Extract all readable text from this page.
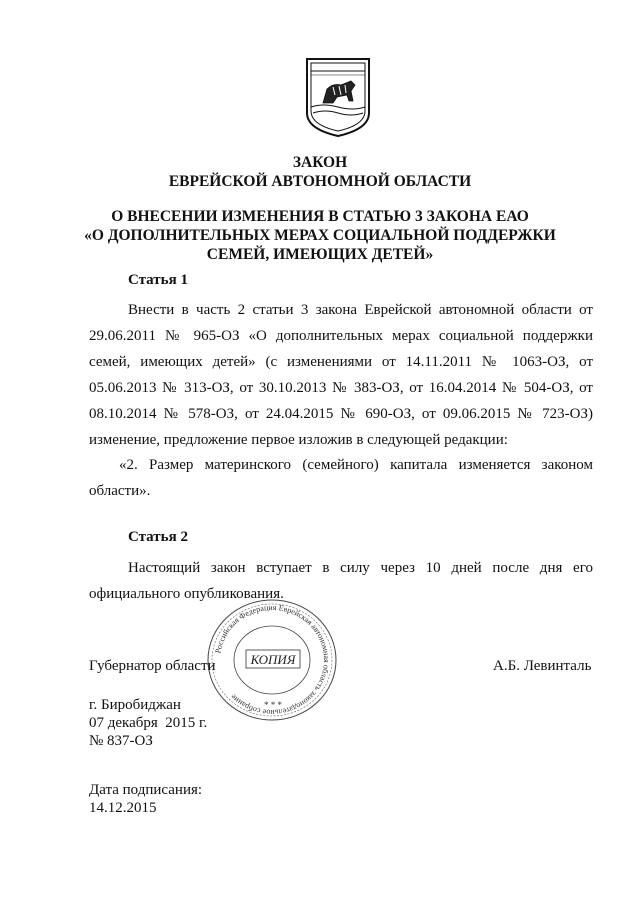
ЗАКОН
ЕВРЕЙСКОЙ АВТОНОМНОЙ ОБЛАСТИ
О ВНЕСЕНИИ ИЗМЕНЕНИЯ В СТАТЬЮ 3 ЗАКОНА ЕАО
«О ДОПОЛНИТЕЛЬНЫХ МЕРАХ СОЦИАЛЬНОЙ ПОДДЕРЖКИ
СЕМЕЙ, ИМЕЮЩИХ ДЕТЕЙ»
Статья 1
Внести в часть 2 статьи 3 закона Еврейской автономной области от 29.06.2011 № 965-ОЗ «О дополнительных мерах социальной поддержки семей, имеющих детей» (с изменениями от 14.11.2011 № 1063-ОЗ, от 05.06.2013 № 313-ОЗ, от 30.10.2013 № 383-ОЗ, от 16.04.2014 № 504-ОЗ, от 08.10.2014 № 578-ОЗ, от 24.04.2015 № 690-ОЗ, от 09.06.2015 № 723-ОЗ) изменение, предложение первое изложив в следующей редакции:
«2. Размер материнского (семейного) капитала изменяется законом области».
Статья 2
Настоящий закон вступает в силу через 10 дней после дня его официального опубликования.
Российская Федерация Еврейская автономная область законодательное собрание
КОПИЯ
* * *
Губернатор области	А.Б. Левинталь
г. Биробиджан
07 декабря  2015 г.
№ 837-ОЗ
Дата подписания:
14.12.2015
